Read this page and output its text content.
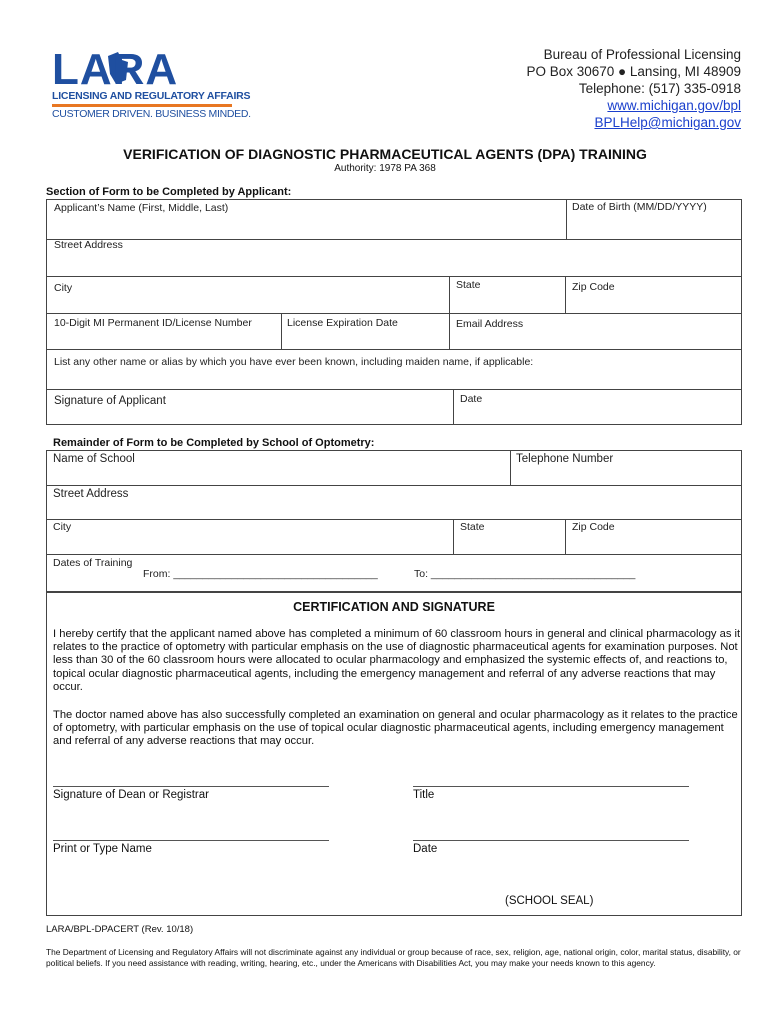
LARA
LICENSING AND REGULATORY AFFAIRS
CUSTOMER DRIVEN. BUSINESS MINDED.
Bureau of Professional Licensing
PO Box 30670 ● Lansing, MI 48909
Telephone: (517) 335-0918
www.michigan.gov/bpl
BPLHelp@michigan.gov
VERIFICATION OF DIAGNOSTIC PHARMACEUTICAL AGENTS (DPA) TRAINING
Authority: 1978 PA 368
Section of Form to be Completed by Applicant:
Applicant’s Name (First, Middle, Last)	Date of Birth (MM/DD/YYYY)
Street Address
City	State	Zip Code
10-Digit MI Permanent ID/License Number	License Expiration Date	Email Address
List any other name or alias by which you have ever been known, including maiden name, if applicable:
Signature of Applicant	Date
Remainder of Form to be Completed by School of Optometry:
Name of School	Telephone Number
Street Address
City	State	Zip Code
Dates of Training
From: ___________________________________	To: ___________________________________
CERTIFICATION AND SIGNATURE
I hereby certify that the applicant named above has completed a minimum of 60 classroom hours in general and clinical pharmacology as it relates to the practice of optometry with particular emphasis on the use of diagnostic pharmaceutical agents for examination purposes. Not less than 30 of the 60 classroom hours were allocated to ocular pharmacology and emphasized the systemic effects of, and reactions to, topical ocular diagnostic pharmaceutical agents, including the emergency management and referral of any adverse reactions that may occur.
The doctor named above has also successfully completed an examination on general and ocular pharmacology as it relates to the practice of optometry, with particular emphasis on the use of topical ocular diagnostic pharmaceutical agents, including emergency management and referral of any adverse reactions that may occur.
Signature of Dean or Registrar	Title
Print or Type Name	Date
(SCHOOL SEAL)
LARA/BPL-DPACERT (Rev. 10/18)
The Department of Licensing and Regulatory Affairs will not discriminate against any individual or group because of race, sex, religion, age, national origin, color, marital status, disability, or political beliefs. If you need assistance with reading, writing, hearing, etc., under the Americans with Disabilities Act, you may make your needs known to this agency.
